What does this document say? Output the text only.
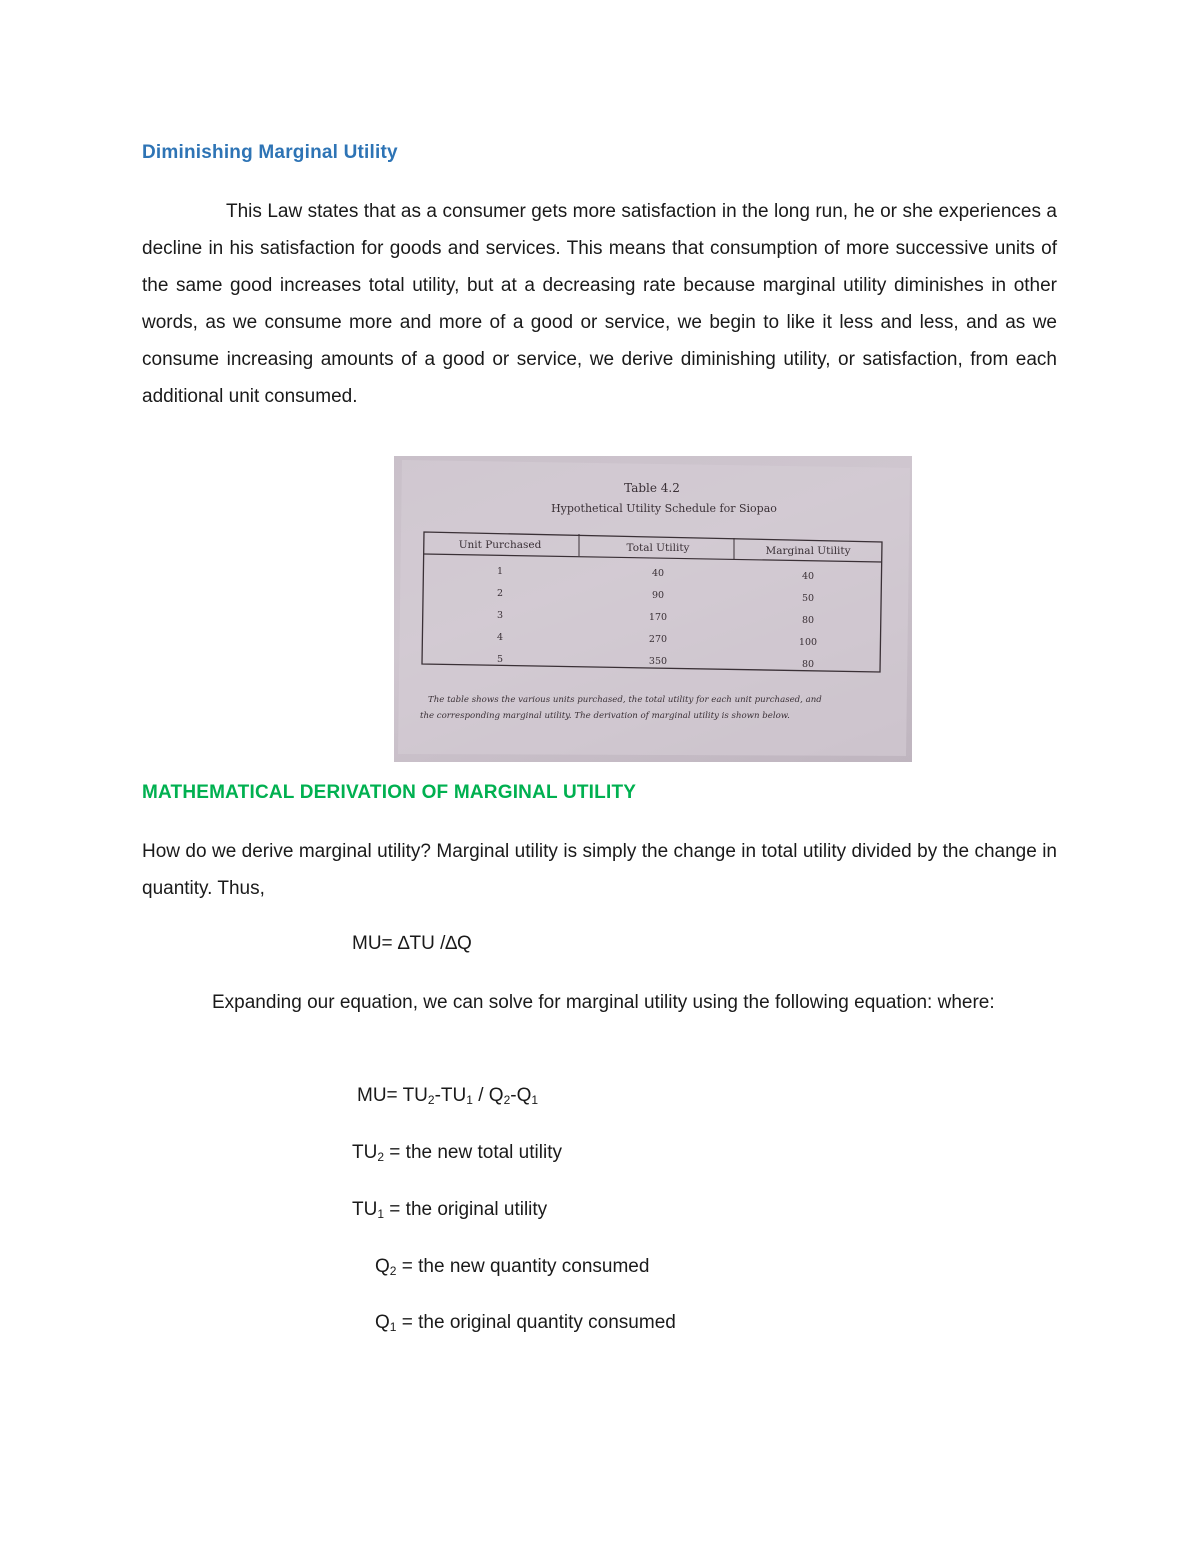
Diminishing Marginal Utility

This Law states that as a consumer gets more satisfaction in the long run, he or she experiences a decline in his satisfaction for goods and services. This means that consumption of more successive units of the same good increases total utility, but at a decreasing rate because marginal utility diminishes in other words, as we consume more and more of a good or service, we begin to like it less and less, and as we consume increasing amounts of a good or service, we derive diminishing utility, or satisfaction, from each additional unit consumed.

Table 4.2
Hypothetical Utility Schedule for Siopao
Unit Purchased	Total Utility	Marginal Utility
1	40	40
2	90	50
3	170	80
4	270	100
5	350	80
The table shows the various units purchased, the total utility for each unit purchased, and
the corresponding marginal utility. The derivation of marginal utility is shown below.
MATHEMATICAL DERIVATION OF MARGINAL UTILITY

How do we derive marginal utility? Marginal utility is simply the change in total utility divided by the change in quantity. Thus,

MU= ∆TU /∆Q

Expanding our equation, we can solve for marginal utility using the following equation: where:

$MU= TU_2-TU_1 / Q_2-Q_1$
$TU_2$ = the new total utility
$TU_1$ = the original utility
$Q_2$ = the new quantity consumed
$Q_1$ = the original quantity consumed
